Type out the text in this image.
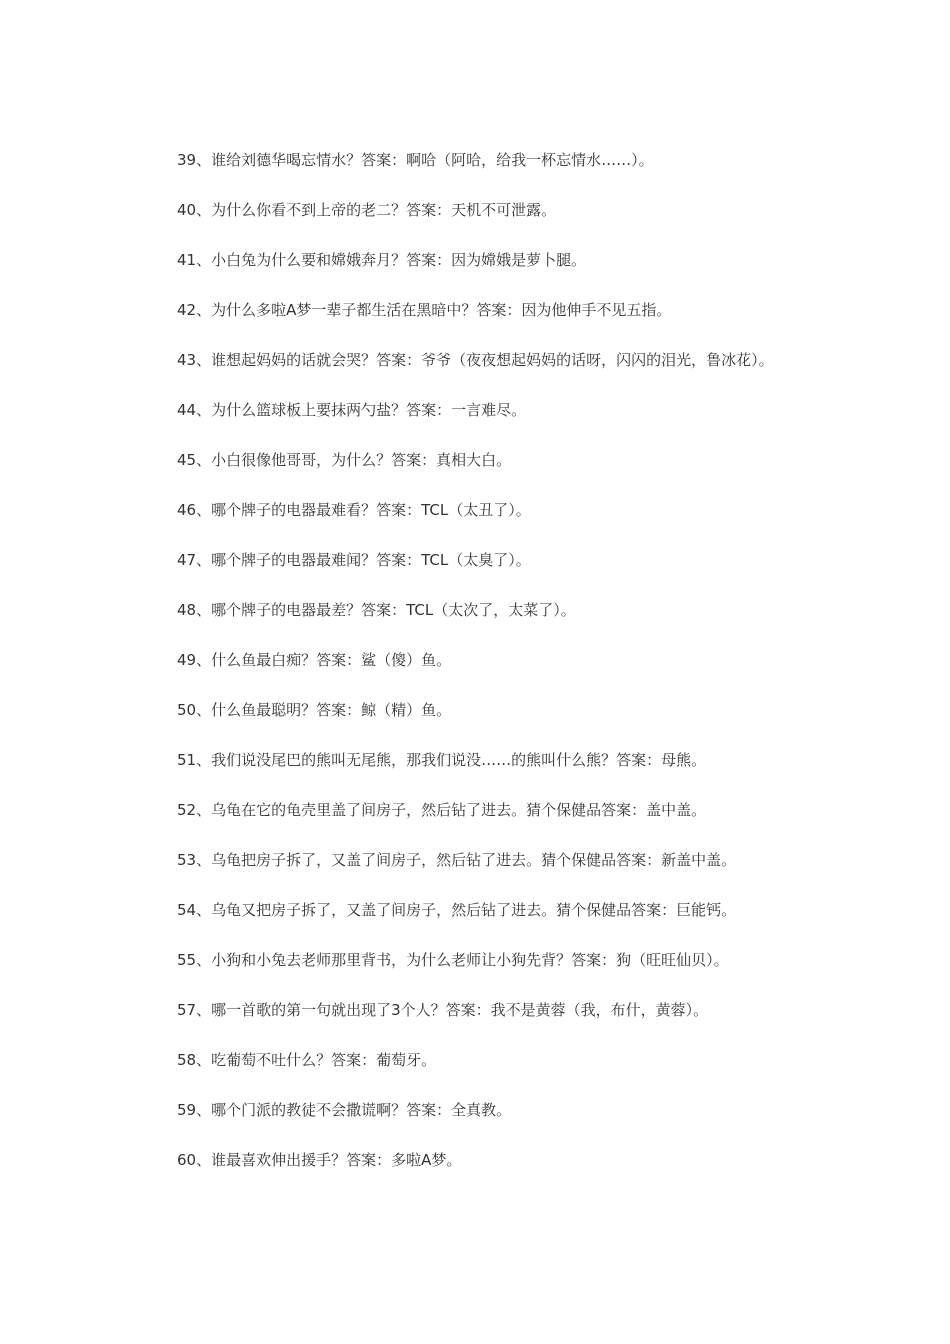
39、谁给刘德华喝忘情水？答案：啊哈（阿哈，给我一杯忘情水……）。

40、为什么你看不到上帝的老二？答案：天机不可泄露。

41、小白兔为什么要和嫦娥奔月？答案：因为嫦娥是萝卜腿。

42、为什么多啦A梦一辈子都生活在黑暗中？答案：因为他伸手不见五指。

43、谁想起妈妈的话就会哭？答案：爷爷（夜夜想起妈妈的话呀，闪闪的泪光，鲁冰花）。

44、为什么篮球板上要抹两勺盐？答案：一言难尽。

45、小白很像他哥哥，为什么？答案：真相大白。

46、哪个牌子的电器最难看？答案：TCL（太丑了）。

47、哪个牌子的电器最难闻？答案：TCL（太臭了）。

48、哪个牌子的电器最差？答案：TCL（太次了，太菜了）。

49、什么鱼最白痴？答案：鲨（傻）鱼。

50、什么鱼最聪明？答案：鲸（精）鱼。

51、我们说没尾巴的熊叫无尾熊，那我们说没……的熊叫什么熊？答案：母熊。

52、乌龟在它的龟壳里盖了间房子，然后钻了进去。猜个保健品答案：盖中盖。

53、乌龟把房子拆了，又盖了间房子，然后钻了进去。猜个保健品答案：新盖中盖。

54、乌龟又把房子拆了，又盖了间房子，然后钻了进去。猜个保健品答案：巨能钙。

55、小狗和小兔去老师那里背书，为什么老师让小狗先背？答案：狗（旺旺仙贝）。

57、哪一首歌的第一句就出现了3个人？答案：我不是黄蓉（我，布什，黄蓉）。

58、吃葡萄不吐什么？答案：葡萄牙。

59、哪个门派的教徒不会撒谎啊？答案：全真教。

60、谁最喜欢伸出援手？答案：多啦A梦。
